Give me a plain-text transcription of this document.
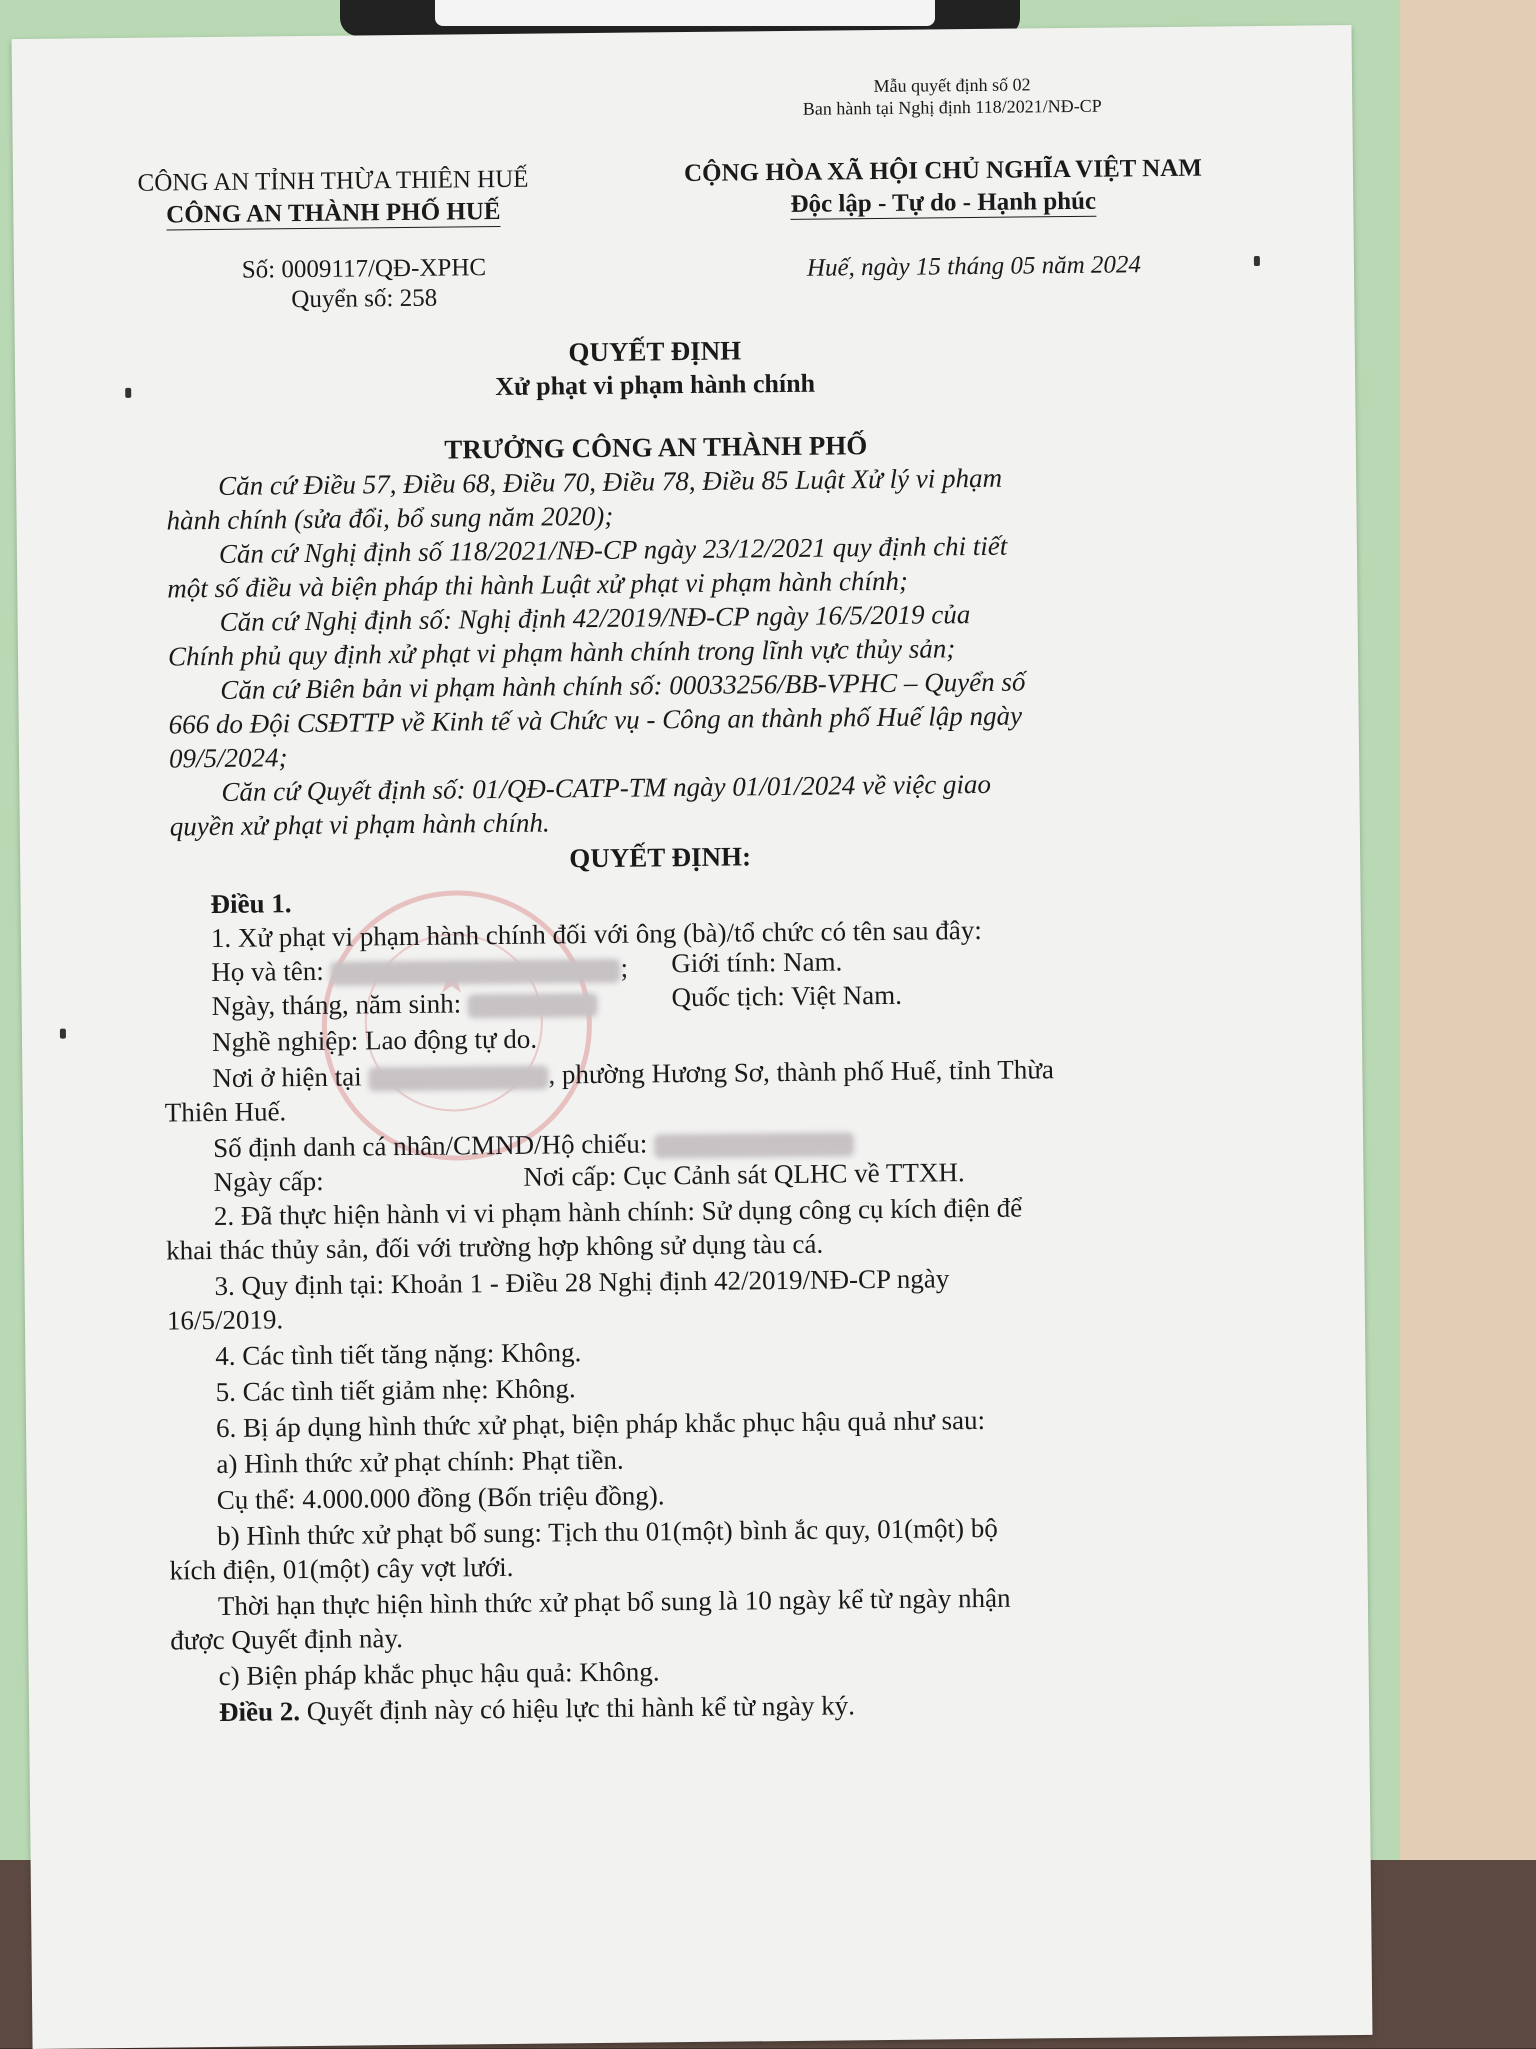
Mẫu quyết định số 02
Ban hành tại Nghị định 118/2021/NĐ-CP
CÔNG AN TỈNH THỪA THIÊN HUẾ
CÔNG AN THÀNH PHỐ HUẾ
CỘNG HÒA XÃ HỘI CHỦ NGHĨA VIỆT NAM
Độc lập - Tự do - Hạnh phúc
Số: 0009117/QĐ-XPHC
Quyển số: 258
Huế, ngày 15 tháng 05 năm 2024
QUYẾT ĐỊNH
Xử phạt vi phạm hành chính
TRƯỞNG CÔNG AN THÀNH PHỐ
Căn cứ Điều 57, Điều 68, Điều 70, Điều 78, Điều 85 Luật Xử lý vi phạm
hành chính (sửa đổi, bổ sung năm 2020);
Căn cứ Nghị định số 118/2021/NĐ-CP ngày 23/12/2021 quy định chi tiết
một số điều và biện pháp thi hành Luật xử phạt vi phạm hành chính;
Căn cứ Nghị định số: Nghị định 42/2019/NĐ-CP ngày 16/5/2019 của
Chính phủ quy định xử phạt vi phạm hành chính trong lĩnh vực thủy sản;
Căn cứ Biên bản vi phạm hành chính số: 00033256/BB-VPHC – Quyển số
666 do Đội CSĐTTP về Kinh tế và Chức vụ - Công an thành phố Huế lập ngày
09/5/2024;
Căn cứ Quyết định số: 01/QĐ-CATP-TM ngày 01/01/2024 về việc giao
quyền xử phạt vi phạm hành chính.
QUYẾT ĐỊNH:
Điều 1.
1. Xử phạt vi phạm hành chính đối với ông (bà)/tổ chức có tên sau đây:
Họ và tên:	; Giới tính: Nam.
Ngày, tháng, năm sinh:	Quốc tịch: Việt Nam.
Nghề nghiệp: Lao động tự do.
Nơi ở hiện tại	, phường Hương Sơ, thành phố Huế, tỉnh Thừa
Thiên Huế.
Số định danh cá nhân/CMND/Hộ chiếu:
Ngày cấp:	Nơi cấp: Cục Cảnh sát QLHC về TTXH.
2. Đã thực hiện hành vi vi phạm hành chính: Sử dụng công cụ kích điện để
khai thác thủy sản, đối với trường hợp không sử dụng tàu cá.
3. Quy định tại: Khoản 1 - Điều 28 Nghị định 42/2019/NĐ-CP ngày
16/5/2019.
4. Các tình tiết tăng nặng: Không.
5. Các tình tiết giảm nhẹ: Không.
6. Bị áp dụng hình thức xử phạt, biện pháp khắc phục hậu quả như sau:
a) Hình thức xử phạt chính: Phạt tiền.
Cụ thể: 4.000.000 đồng (Bốn triệu đồng).
b) Hình thức xử phạt bổ sung: Tịch thu 01(một) bình ắc quy, 01(một) bộ
kích điện, 01(một) cây vợt lưới.
Thời hạn thực hiện hình thức xử phạt bổ sung là 10 ngày kể từ ngày nhận
được Quyết định này.
c) Biện pháp khắc phục hậu quả: Không.
Điều 2. Quyết định này có hiệu lực thi hành kể từ ngày ký.
